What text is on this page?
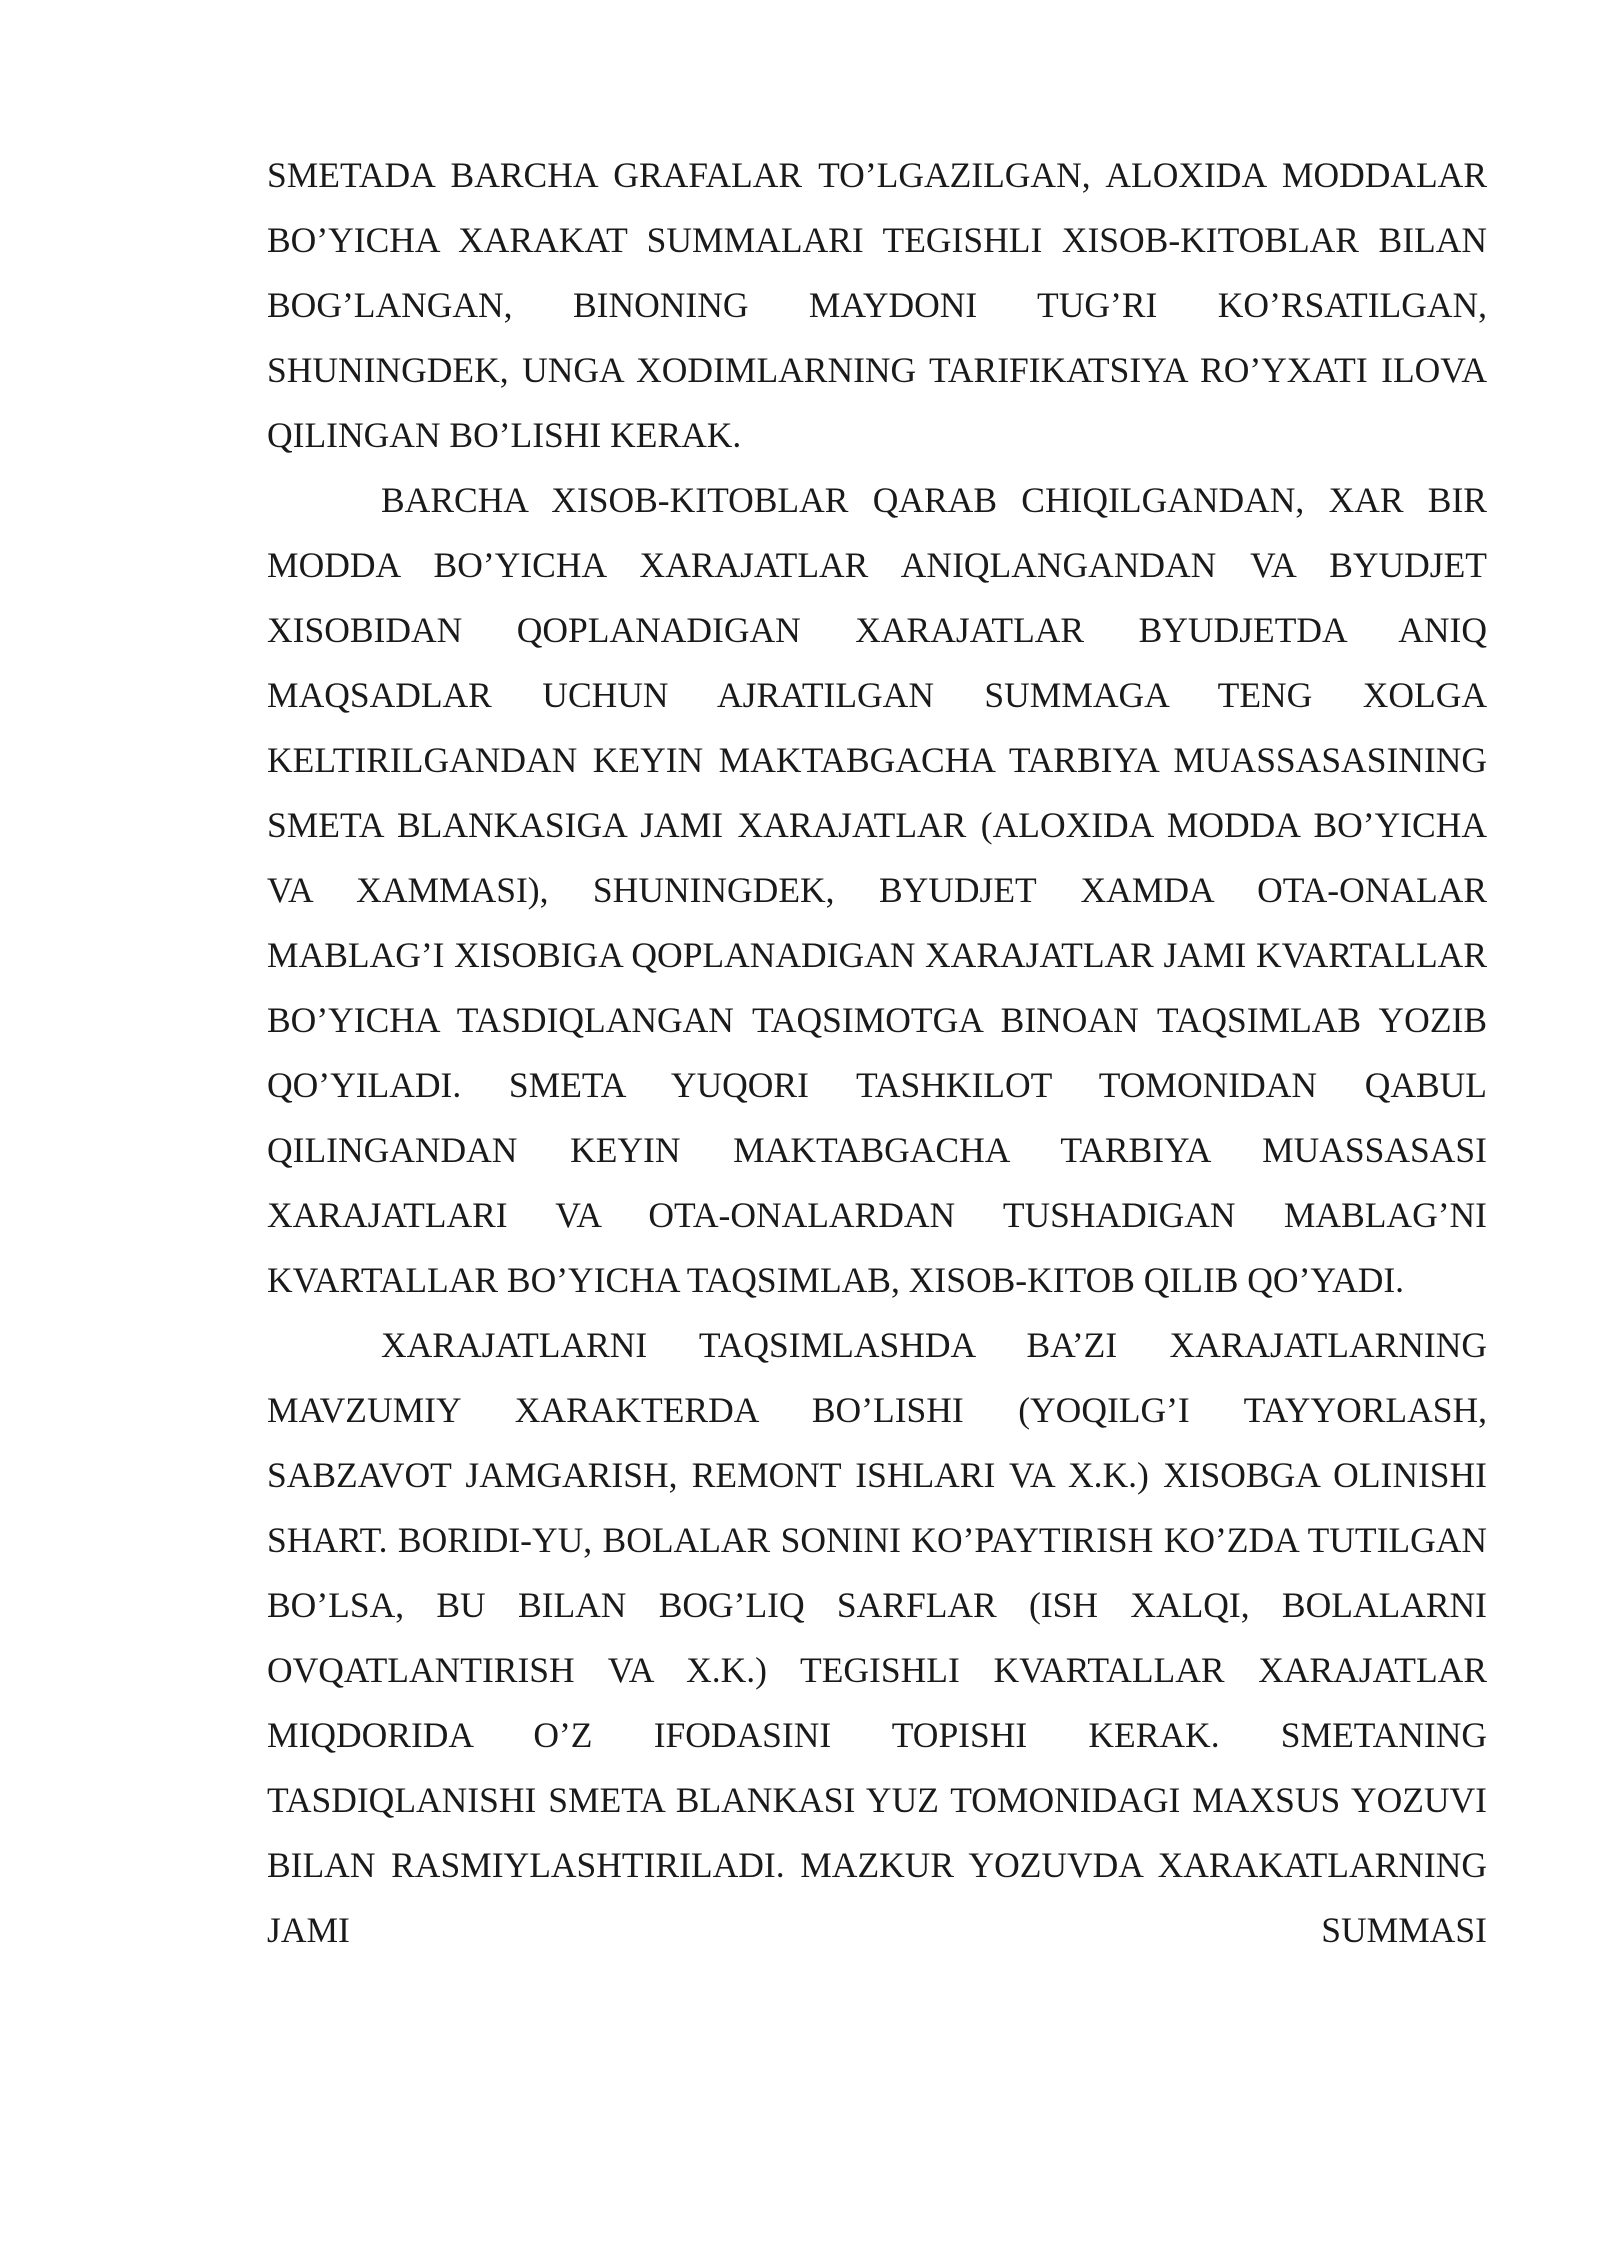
SMETADA BARCHA GRAFALAR TO’LGAZILGAN, ALOXIDA MODDALAR BO’YICHA XARAKAT SUMMALARI TEGISHLI XISOB-KITOBLAR BILAN BOG’LANGAN, BINONING MAYDONI TUG’RI KO’RSATILGAN, SHUNINGDEK, UNGA XODIMLARNING TARIFIKATSIYA RO’YXATI ILOVA QILINGAN BO’LISHI KERAK.

BARCHA XISOB-KITOBLAR QARAB CHIQILGANDAN, XAR BIR MODDA BO’YICHA XARAJATLAR ANIQLANGANDAN VA BYUDJET XISOBIDAN QOPLANADIGAN XARAJATLAR BYUDJETDA ANIQ MAQSADLAR UCHUN AJRATILGAN SUMMAGA TENG XOLGA KELTIRILGANDAN KEYIN MAKTABGACHA TARBIYA MUASSASASINING SMETA BLANKASIGA JAMI XARAJATLAR (ALOXIDA MODDA BO’YICHA VA XAMMASI), SHUNINGDEK, BYUDJET XAMDA OTA-ONALAR MABLAG’I XISOBIGA QOPLANADIGAN XARAJATLAR JAMI KVARTALLAR BO’YICHA TASDIQLANGAN TAQSIMOTGA BINOAN TAQSIMLAB YOZIB QO’YILADI. SMETA YUQORI TASHKILOT TOMONIDAN QABUL QILINGANDAN KEYIN MAKTABGACHA TARBIYA MUASSASASI XARAJATLARI VA OTA-ONALARDAN TUSHADIGAN MABLAG’NI KVARTALLAR BO’YICHA TAQSIMLAB, XISOB-KITOB QILIB QO’YADI.

XARAJATLARNI TAQSIMLASHDA BA’ZI XARAJATLARNING MAVZUMIY XARAKTERDA BO’LISHI (YOQILG’I TAYYORLASH, SABZAVOT JAMGARISH, REMONT ISHLARI VA X.K.) XISOBGA OLINISHI SHART. BORIDI-YU, BOLALAR SONINI KO’PAYTIRISH KO’ZDA TUTILGAN BO’LSA, BU BILAN BOG’LIQ SARFLAR (ISH XALQI, BOLALARNI OVQATLANTIRISH VA X.K.) TEGISHLI KVARTALLAR XARAJATLAR MIQDORIDA O’Z IFODASINI TOPISHI KERAK. SMETANING TASDIQLANISHI SMETA BLANKASI YUZ TOMONIDAGI MAXSUS YOZUVI BILAN RASMIYLASHTIRILADI. MAZKUR YOZUVDA XARAKATLARNING JAMI SUMMASI
